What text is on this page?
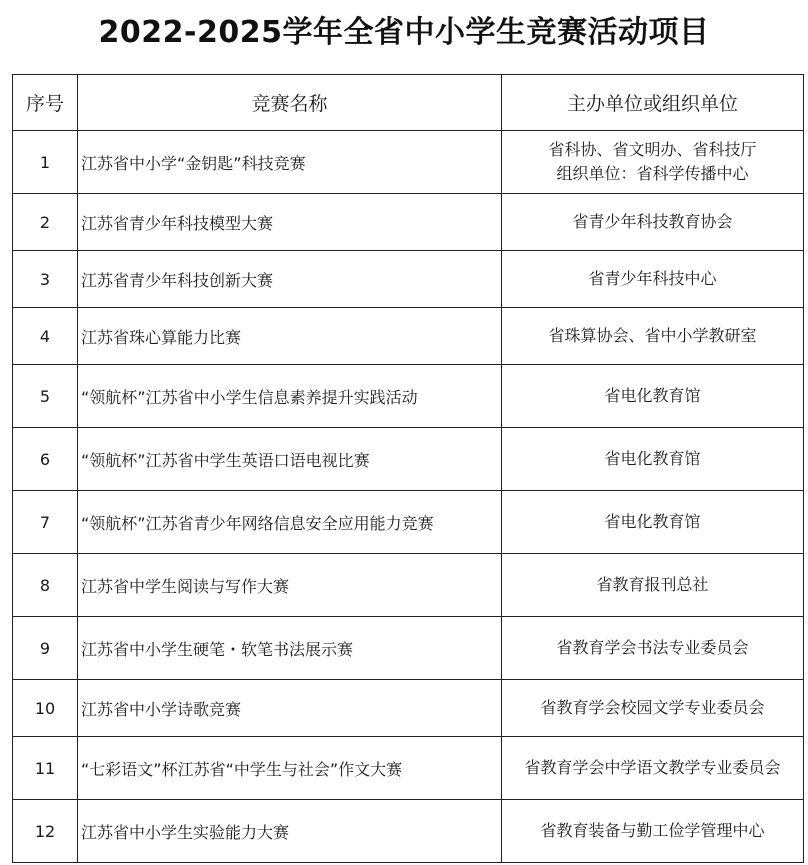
2022-2025学年全省中小学生竞赛活动项目
序号	竞赛名称	主办单位或组织单位
1	江苏省中小学“金钥匙”科技竞赛	省科协、省文明办、省科技厅
组织单位：省科学传播中心

2	江苏省青少年科技模型大赛	省青少年科技教育协会
3	江苏省青少年科技创新大赛	省青少年科技中心
4	江苏省珠心算能力比赛	省珠算协会、省中小学教研室
5	“领航杯”江苏省中小学生信息素养提升实践活动	省电化教育馆
6	“领航杯”江苏省中学生英语口语电视比赛	省电化教育馆
7	“领航杯”江苏省青少年网络信息安全应用能力竞赛	省电化教育馆
8	江苏省中学生阅读与写作大赛	省教育报刊总社
9	江苏省中小学生硬笔・软笔书法展示赛	省教育学会书法专业委员会
10	江苏省中小学诗歌竞赛	省教育学会校园文学专业委员会
11	“七彩语文”杯江苏省“中学生与社会”作文大赛	省教育学会中学语文教学专业委员会
12	江苏省中小学生实验能力大赛	省教育装备与勤工俭学管理中心
